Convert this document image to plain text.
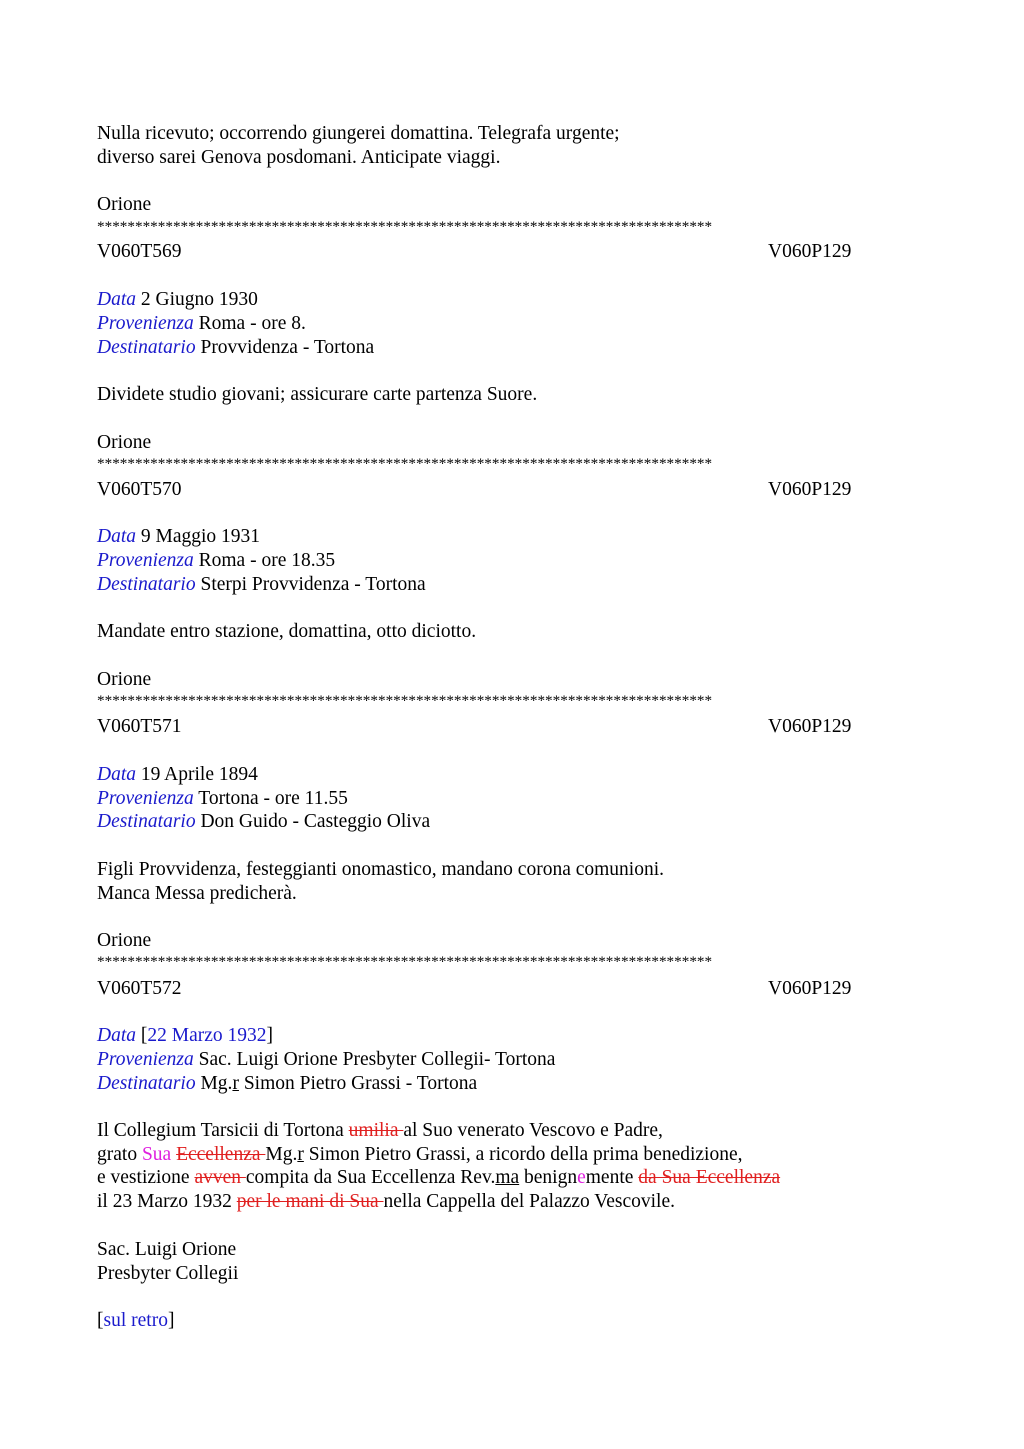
Nulla ricevuto; occorrendo giungerei domattina. Telegrafa urgente;
diverso sarei Genova posdomani. Anticipate viaggi.
Orione
*********************************************************************************
V060T569	V060P129
Data 2 Giugno 1930
Provenienza Roma - ore 8.
Destinatario Provvidenza - Tortona
Dividete studio giovani; assicurare carte partenza Suore.
Orione
*********************************************************************************
V060T570	V060P129
Data 9 Maggio 1931
Provenienza Roma - ore 18.35
Destinatario Sterpi Provvidenza - Tortona
Mandate entro stazione, domattina, otto diciotto.
Orione
*********************************************************************************
V060T571	V060P129
Data 19 Aprile 1894
Provenienza Tortona - ore 11.55
Destinatario Don Guido - Casteggio Oliva
Figli Provvidenza, festeggianti onomastico, mandano corona comunioni.
Manca Messa predicherà.
Orione
*********************************************************************************
V060T572	V060P129
Data [22 Marzo 1932]
Provenienza Sac. Luigi Orione Presbyter Collegii- Tortona
Destinatario Mg.r Simon Pietro Grassi - Tortona
Il Collegium Tarsicii di Tortona umilia al Suo venerato Vescovo e Padre,
grato Sua Eccellenza Mg.r Simon Pietro Grassi, a ricordo della prima benedizione,
e vestizione avven compita da Sua Eccellenza Rev.ma benignemente da Sua Eccellenza
il 23 Marzo 1932 per le mani di Sua nella Cappella del Palazzo Vescovile.
Sac. Luigi Orione
Presbyter Collegii
[sul retro]
